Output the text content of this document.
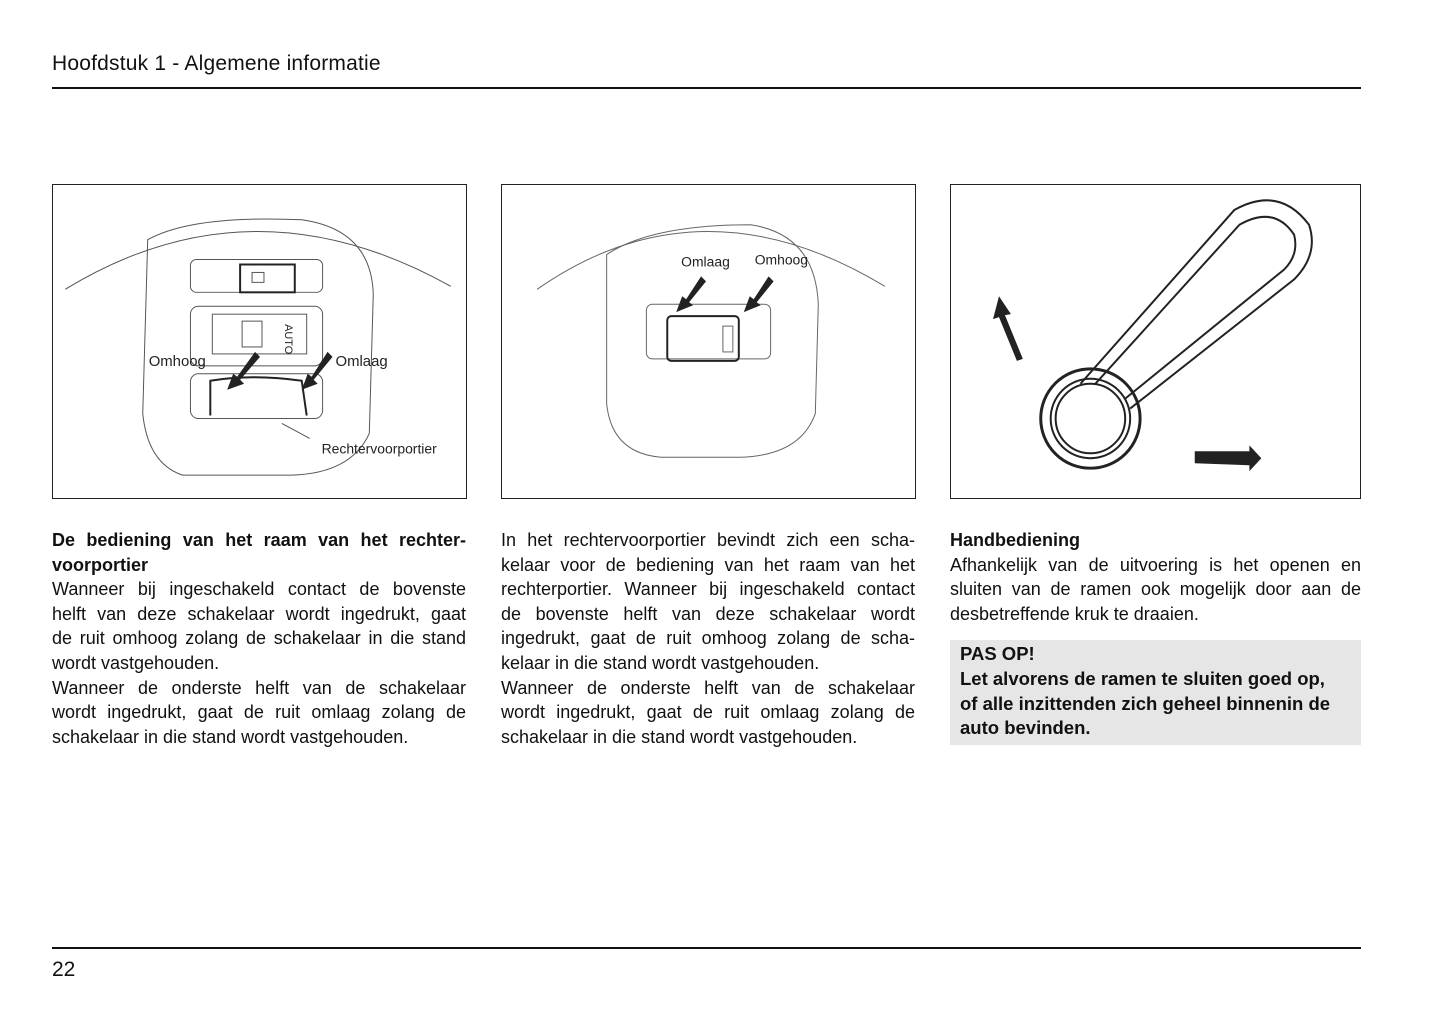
Hoofdstuk 1 - Algemene informatie
AUTO
Omhoog	Omlaag
Rechtervoorportier
Omlaag Omhoog
De bediening van het raam van het rechter-
voorportier
Wanneer bij ingeschakeld contact de bovenste
helft van deze schakelaar wordt ingedrukt, gaat
de ruit omhoog zolang de schakelaar in die stand
wordt vastgehouden.
Wanneer de onderste helft van de schakelaar
wordt ingedrukt, gaat de ruit omlaag zolang de
schakelaar in die stand wordt vastgehouden.
In het rechtervoorportier bevindt zich een scha-
kelaar voor de bediening van het raam van het
rechterportier. Wanneer bij ingeschakeld contact
de bovenste helft van deze schakelaar wordt
ingedrukt, gaat de ruit omhoog zolang de scha-
kelaar in die stand wordt vastgehouden.
Wanneer de onderste helft van de schakelaar
wordt ingedrukt, gaat de ruit omlaag zolang de
schakelaar in die stand wordt vastgehouden.
Handbediening
Afhankelijk van de uitvoering is het openen en
sluiten van de ramen ook mogelijk door aan de
desbetreffende kruk te draaien.
PAS OP!
Let alvorens de ramen te sluiten goed op,
of alle inzittenden zich geheel binnenin de
auto bevinden.
22
